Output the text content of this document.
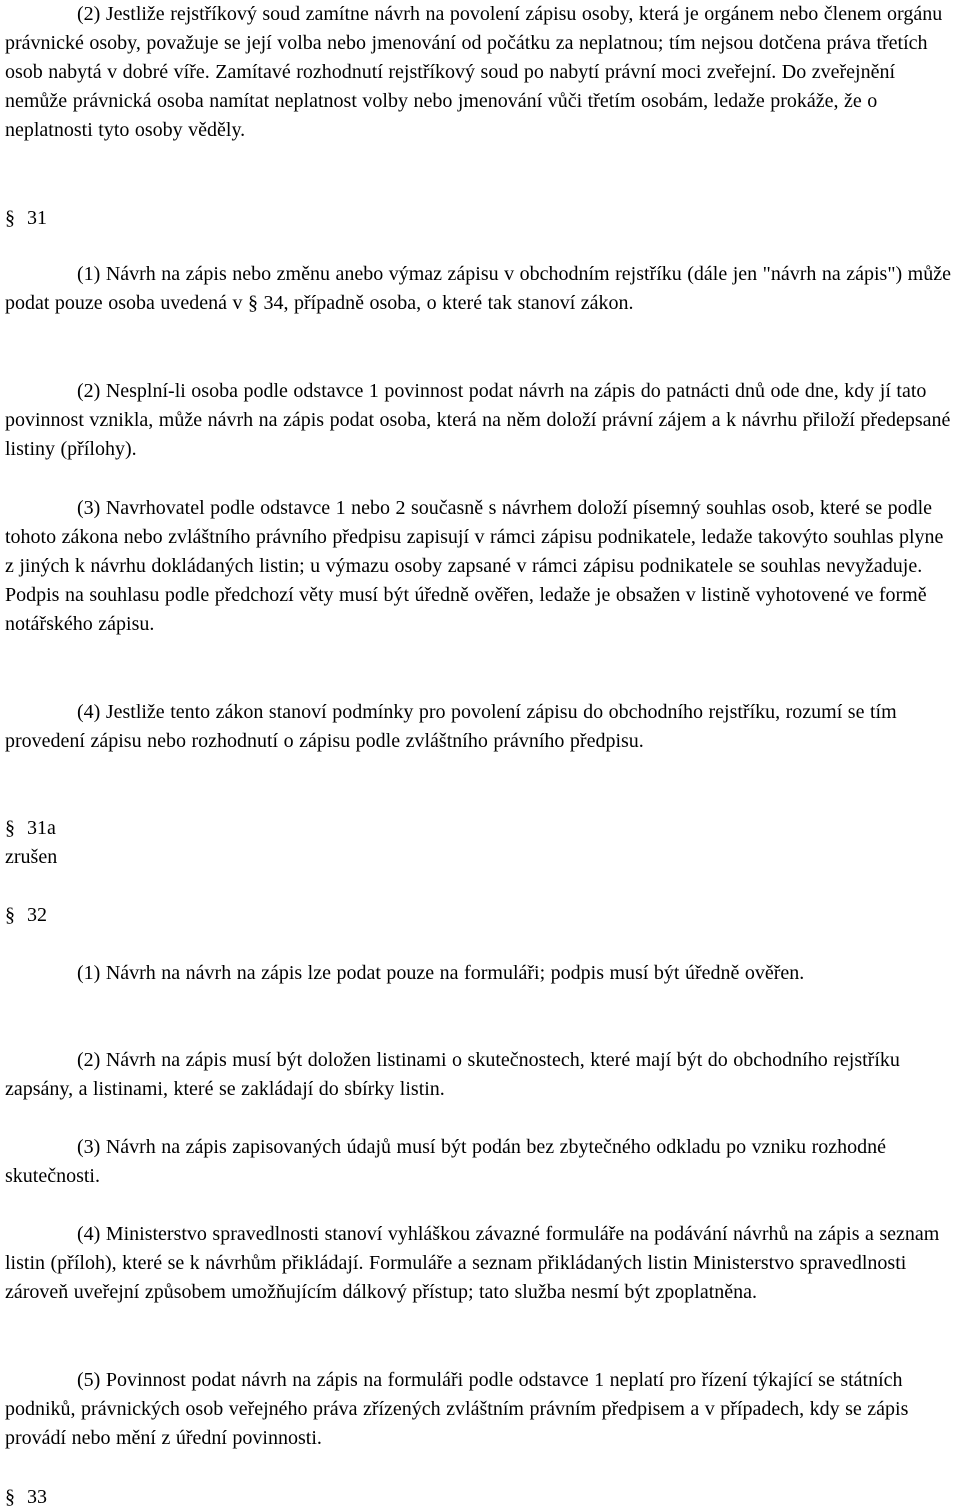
(2) Jestliže rejstříkový soud zamítne návrh na povolení zápisu osoby, která je orgánem nebo členem orgánu právnické osoby, považuje se její volba nebo jmenování od počátku za neplatnou; tím nejsou dotčena práva třetích osob nabytá v dobré víře. Zamítavé rozhodnutí rejstříkový soud po nabytí právní moci zveřejní. Do zveřejnění nemůže právnická osoba namítat neplatnost volby nebo jmenování vůči třetím osobám, ledaže prokáže, že o neplatnosti tyto osoby věděly.

§ 31

(1) Návrh na zápis nebo změnu anebo výmaz zápisu v obchodním rejstříku (dále jen "návrh na zápis") může podat pouze osoba uvedená v § 34, případně osoba, o které tak stanoví zákon.

(2) Nesplní-li osoba podle odstavce 1 povinnost podat návrh na zápis do patnácti dnů ode dne, kdy jí tato povinnost vznikla, může návrh na zápis podat osoba, která na něm doloží právní zájem a k návrhu přiloží předepsané listiny (přílohy).

(3) Navrhovatel podle odstavce 1 nebo 2 současně s návrhem doloží písemný souhlas osob, které se podle tohoto zákona nebo zvláštního právního předpisu zapisují v rámci zápisu podnikatele, ledaže takovýto souhlas plyne z jiných k návrhu dokládaných listin; u výmazu osoby zapsané v rámci zápisu podnikatele se souhlas nevyžaduje. Podpis na souhlasu podle předchozí věty musí být úředně ověřen, ledaže je obsažen v listině vyhotovené ve formě notářského zápisu.

(4) Jestliže tento zákon stanoví podmínky pro povolení zápisu do obchodního rejstříku, rozumí se tím provedení zápisu nebo rozhodnutí o zápisu podle zvláštního právního předpisu.

§ 31a

zrušen

§ 32

(1) Návrh na návrh na zápis lze podat pouze na formuláři; podpis musí být úředně ověřen.

(2) Návrh na zápis musí být doložen listinami o skutečnostech, které mají být do obchodního rejstříku zapsány, a listinami, které se zakládají do sbírky listin.

(3) Návrh na zápis zapisovaných údajů musí být podán bez zbytečného odkladu po vzniku rozhodné skutečnosti.

(4) Ministerstvo spravedlnosti stanoví vyhláškou závazné formuláře na podávání návrhů na zápis a seznam listin (příloh), které se k návrhům přikládají. Formuláře a seznam přikládaných listin Ministerstvo spravedlnosti zároveň uveřejní způsobem umožňujícím dálkový přístup; tato služba nesmí být zpoplatněna.

(5) Povinnost podat návrh na zápis na formuláři podle odstavce 1 neplatí pro řízení týkající se státních podniků, právnických osob veřejného práva zřízených zvláštním právním předpisem a v případech, kdy se zápis provádí nebo mění z úřední povinnosti.

§ 33
